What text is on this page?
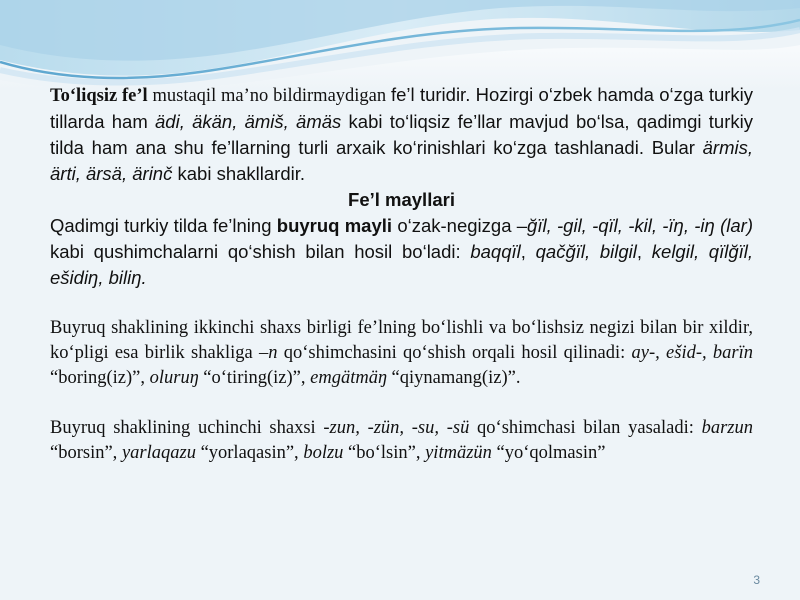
To‘liqsiz fe’l mustaqil ma’no bildirmaydigan fe’l turidir. Hozirgi o‘zbek hamda o‘zga turkiy tillarda ham ädi, äkän, ämiš, ämäs kabi to‘liqsiz fe’llar mavjud bo‘lsa, qadimgi turkiy tilda ham ana shu fe’llarning turli arxaik ko‘rinishlari ko‘zga tashlanadi. Bular ärmis, ärti, ärsä, ärinč kabi shakllardir.

Fe’l mayllari

Qadimgi turkiy tilda fe’lning buyruq mayli o‘zak-negizga –ğïl, -gil, -qïl, -kil, -ïŋ, -iŋ (lar) kabi qushimchalarni qo‘shish bilan hosil bo‘ladi: baqqïl, qačğïl, bilgil, kelgil, qïlğïl, ešidiŋ, biliŋ.

Buyruq shaklining ikkinchi shaxs birligi fe’lning bo‘lishli va bo‘lishsiz negizi bilan bir xildir, ko‘pligi esa birlik shakliga –n qo‘shimchasini qo‘shish orqali hosil qilinadi: ay-, ešid-, barïn “boring(iz)”, oluruŋ “o‘tiring(iz)”, emgätmäŋ “qiynamang(iz)”.

Buyruq shaklining uchinchi shaxsi -zun, -zün, -su, -sü qo‘shimchasi bilan yasaladi: barzun “borsin”, yarlaqazu “yorlaqasin”, bolzu “bo‘lsin”, yitmäzün “yo‘qolmasin”

3
